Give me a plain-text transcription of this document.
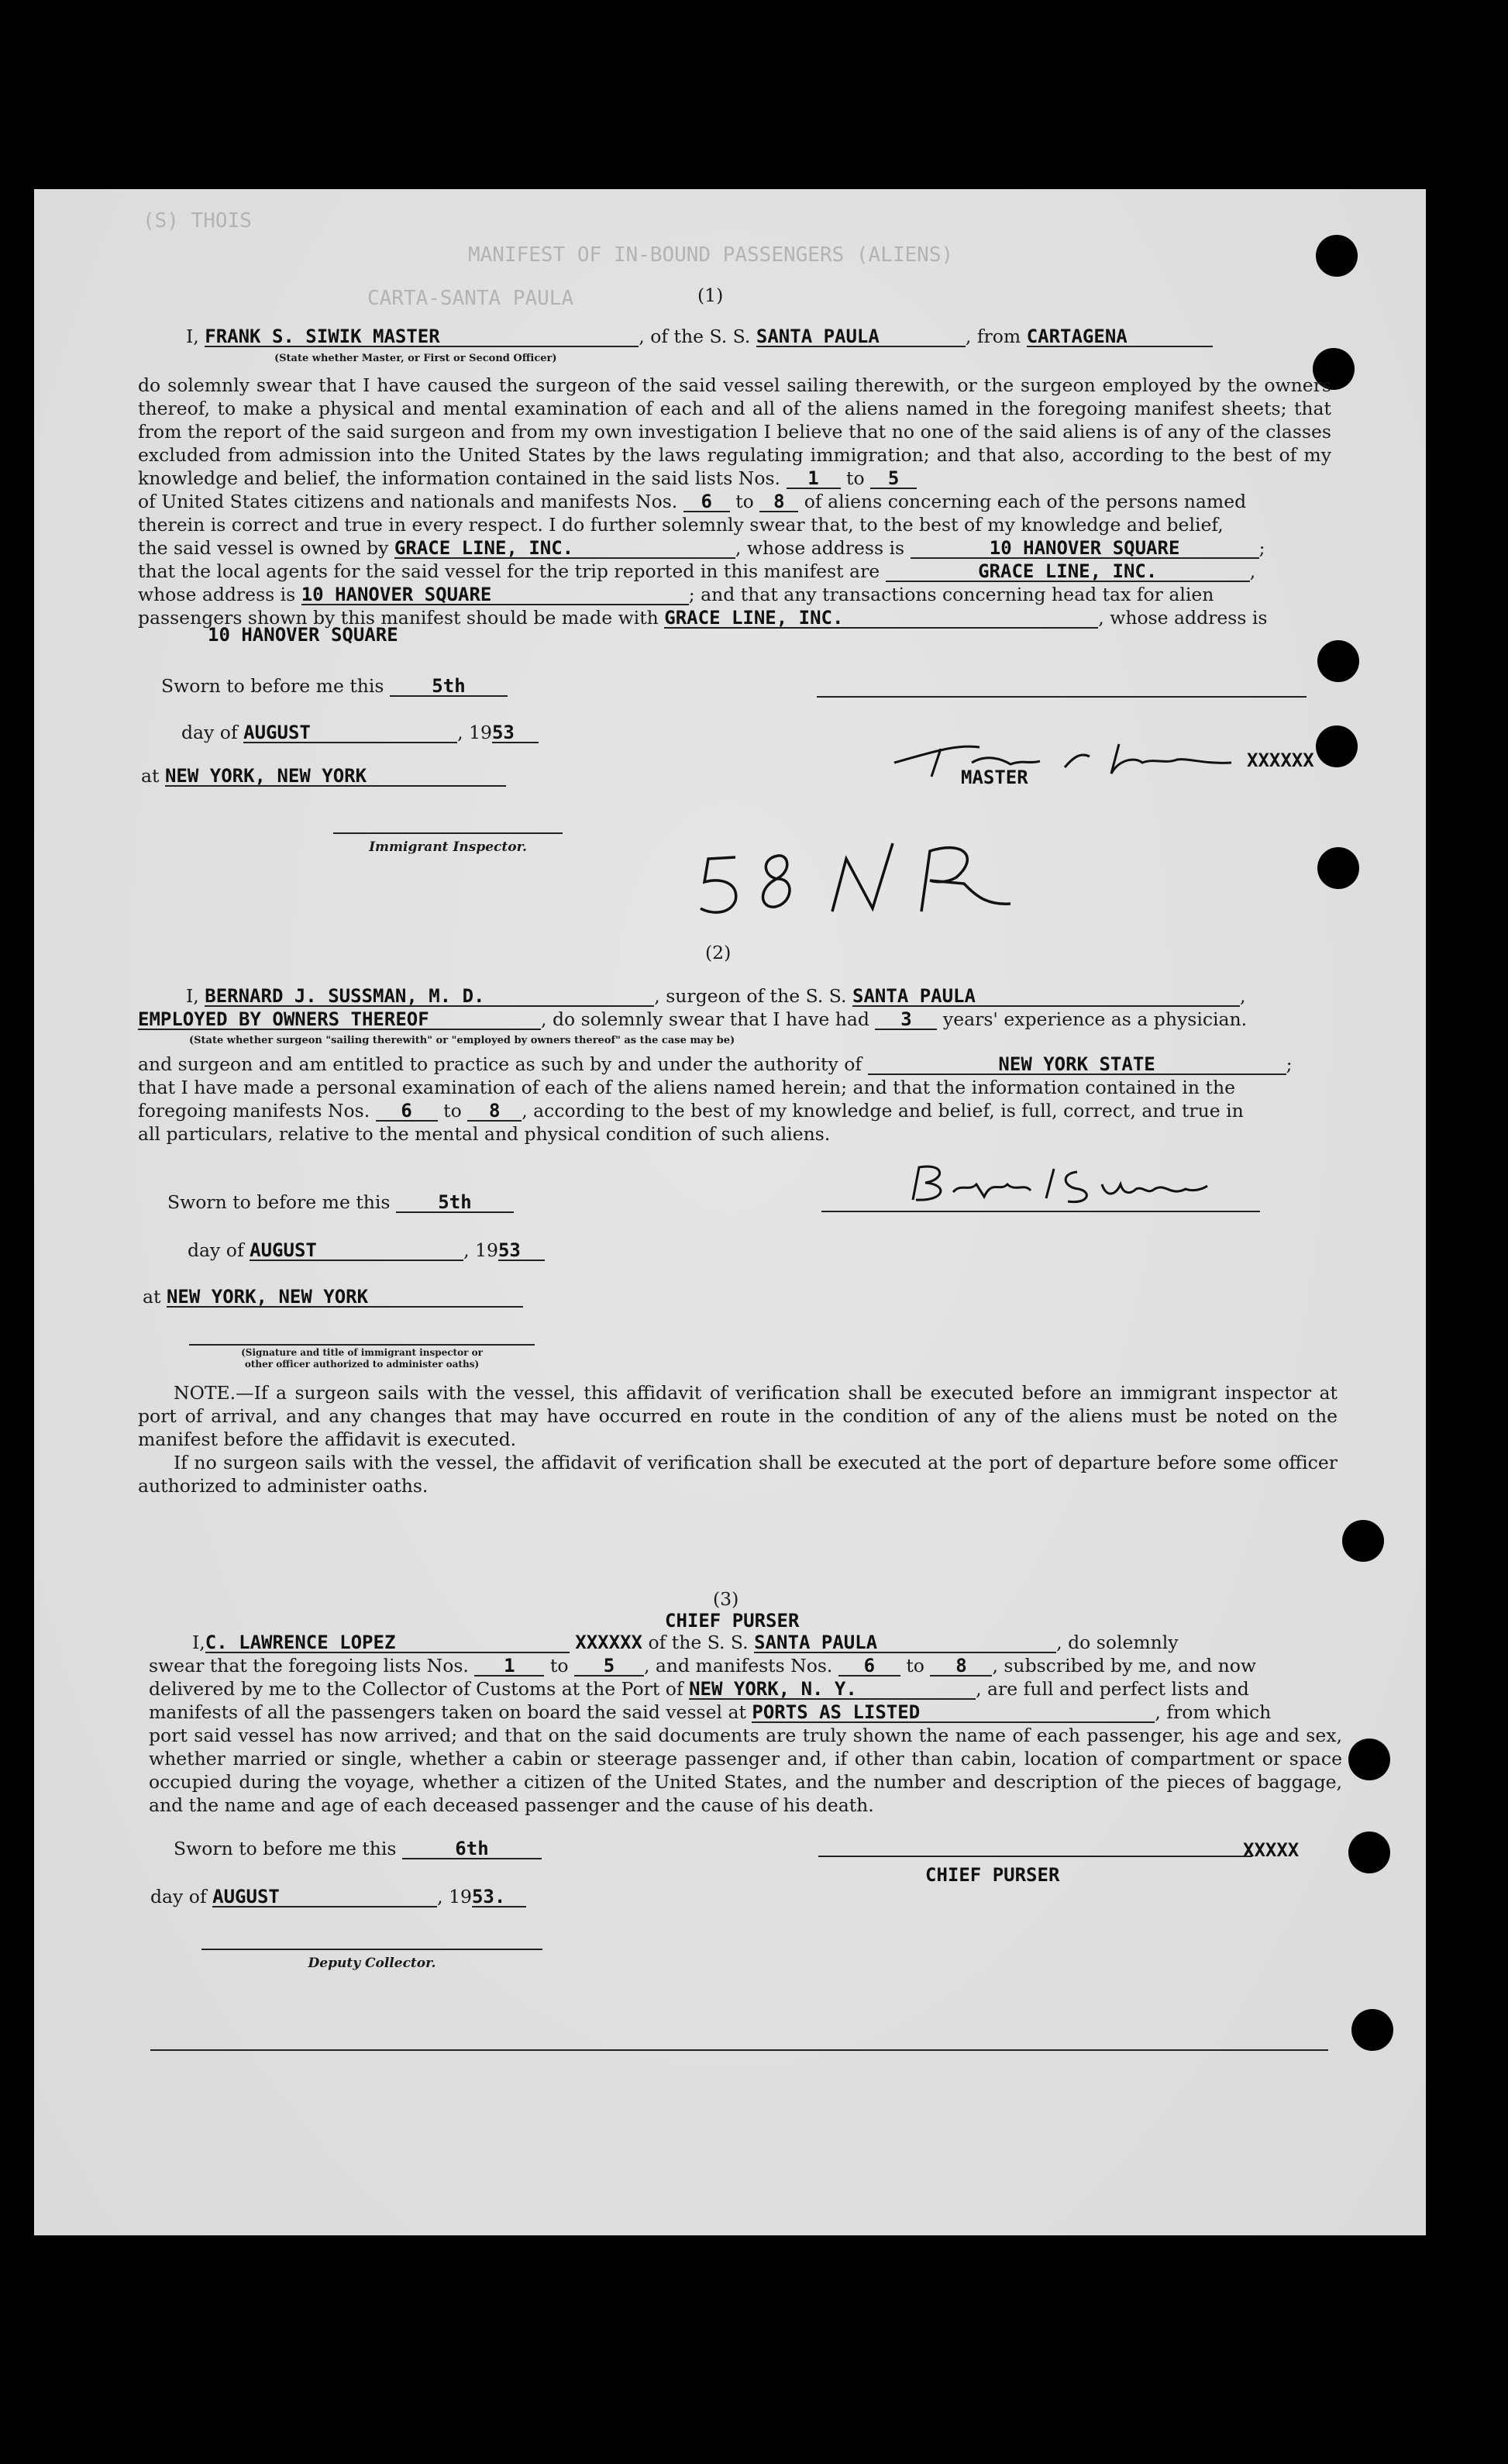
(S) THOIS
MANIFEST OF IN-BOUND PASSENGERS (ALIENS)
CARTA-SANTA PAULA	(1)
I, FRANK S. SIWIK MASTER	, of the S. S. SANTA PAULA	, from CARTAGENA
(State whether Master, or First or Second Officer)
do solemnly swear that I have caused the surgeon of the said vessel sailing therewith, or the surgeon employed by the owners thereof, to make a physical and mental examination of each and all of the aliens named in the foregoing manifest sheets; that from the report of the said surgeon and from my own investigation I believe that no one of the said aliens is of any of the classes excluded from admission into the United States by the laws regulating immigration; and that also, according to the best of my knowledge and belief, the information contained in the said lists Nos. 1 to 5
of United States citizens and nationals and manifests Nos. 6 to 8 of aliens concerning each of the persons named
therein is correct and true in every respect. I do further solemnly swear that, to the best of my knowledge and belief,
the said vessel is owned by GRACE LINE, INC.	, whose address is	10 HANOVER SQUARE	;
that the local agents for the said vessel for the trip reported in this manifest are	GRACE LINE, INC.	,
whose address is 10 HANOVER SQUARE	; and that any transactions concerning head tax for alien
passengers shown by this manifest should be made with GRACE LINE, INC.	, whose address is
10 HANOVER SQUARE
Sworn to before me this	5th
day of AUGUST	, 1953
XXXXXX
MASTER
at NEW YORK, NEW YORK
Immigrant Inspector.
(2)
I, BERNARD J. SUSSMAN, M. D.	, surgeon of the S. S. SANTA PAULA	,
EMPLOYED BY OWNERS THEREOF	, do solemnly swear that I have had 3 years' experience as a physician.
(State whether surgeon "sailing therewith" or "employed by owners thereof" as the case may be)
and surgeon and am entitled to practice as such by and under the authority of	NEW YORK STATE	;
that I have made a personal examination of each of the aliens named herein; and that the information contained in the
foregoing manifests Nos. 6 to 8 , according to the best of my knowledge and belief, is full, correct, and true in
all particulars, relative to the mental and physical condition of such aliens.
Sworn to before me this	5th
day of AUGUST	, 1953
at NEW YORK, NEW YORK
(Signature and title of immigrant inspector or
other officer authorized to administer oaths)
NOTE.—If a surgeon sails with the vessel, this affidavit of verification shall be executed before an immigrant inspector at port of arrival, and any changes that may have occurred en route in the condition of any of the aliens must be noted on the manifest before the affidavit is executed.
If no surgeon sails with the vessel, the affidavit of verification shall be executed at the port of departure before some officer authorized to administer oaths.
(3)
CHIEF PURSER
I,C. LAWRENCE LOPEZ	XXXXXX of the S. S. SANTA PAULA	, do solemnly
swear that the foregoing lists Nos. 1 to 5 , and manifests Nos. 6 to 8 , subscribed by me, and now
delivered by me to the Collector of Customs at the Port of NEW YORK, N. Y.	, are full and perfect lists and
manifests of all the passengers taken on board the said vessel at PORTS AS LISTED	, from which
port said vessel has now arrived; and that on the said documents are truly shown the name of each passenger, his age and sex, whether married or single, whether a cabin or steerage passenger and, if other than cabin, location of compartment or space occupied during the voyage, whether a citizen of the United States, and the number and description of the pieces of baggage, and the name and age of each deceased passenger and the cause of his death.
Sworn to before me this	6th	XXXXX
CHIEF PURSER
day of AUGUST	, 1953.
Deputy Collector.
